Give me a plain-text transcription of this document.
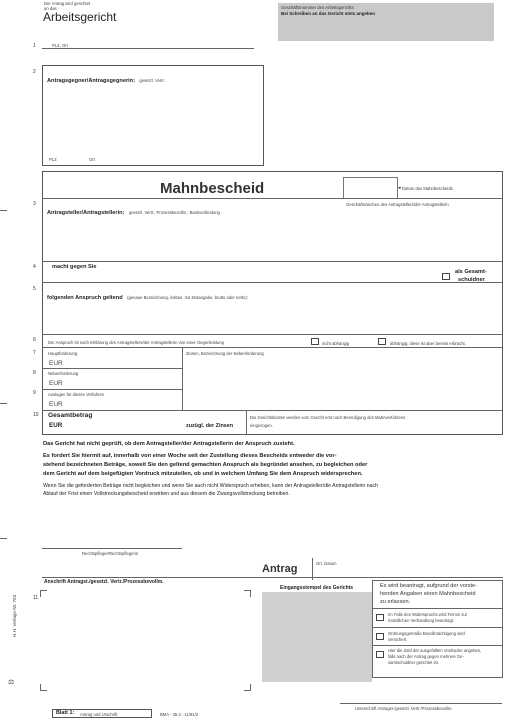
Der Antrag wird gerichtet
an das
Arbeitsgericht
PLZ, Ort
Geschäftsnummer des Arbeitsgerichts
Bei Schreiben an das Gericht stets angeben
1
2
3
4
5
6
7
8
9
10
11
Antragsgegner/Antragsgegnerin; gesetzl. Vertr.
PLZ	Ort
Mahnbescheid	Datum des Mahnbescheids
◂
Antragsteller/Antragstellerin; gesetzl. Vertr.; Prozessbevollm.; Bankverbindung
Geschäftszeichen des Antragstellers/der Antragstellerin
macht gegen Sie
als Gesamt-
schuldner
folgenden Anspruch geltend (genaue Bezeichnung, insbes. mit Zeitangabe, brutto oder netto):
Der Anspruch ist nach Erklärung des Antragstellers/der Antragstellerin von einer Gegenleistung	nicht abhängig	abhängig; diese ist aber bereits erbracht.
Hauptforderung
EUR
Zinsen, Bezeichnung der Nebenforderung
Nebenforderung
EUR
Auslagen für dieses Verfahren
EUR
Gesamtbetrag
EUR	zuzügl. der Zinsen
Die Gerichtskosten werden vom Gericht erst nach Beendigung des Mahnverfahrens
eingezogen.
Das Gericht hat nicht geprüft, ob dem Antragsteller/der Antragstellerin der Anspruch zusteht.
Es fordert Sie hiermit auf, innerhalb von einer Woche seit der Zustellung dieses Bescheids entweder die vor-
stehend bezeichneten Beträge, soweit Sie den geltend gemachten Anspruch als begründet ansehen, zu begleichen oder
dem Gericht auf dem beigefügten Vordruck mitzuteilen, ob und in welchem Umfang Sie dem Anspruch widersprechen.
Wenn Sie die geforderten Beträge nicht begleichen und wenn Sie auch nicht Widerspruch erheben, kann der Antragsteller/die Antragstellerin nach
Ablauf der Frist einen Vollstreckungsbescheid erwirken und aus diesem die Zwangsvollstreckung betreiben.
Rechtspfleger/Rechtspflegerin
Antrag	Ort, Datum
Anschrift Antragst./gesetzl. Vertr./Prozessbevollm.
Eingangsstempel des Gerichts	Es wird beantragt, aufgrund der vorste-
henden Angaben einen Mahnbescheid
zu erlassen.
Im Falle des Widerspruchs wird Termin zur
mündlichen Verhandlung beantragt.
Ordnungsgemäße Bevollmächtigung wird
versichert.
Hier die Zahl der ausgefüllten Vordrucke angeben,
falls nach der Antrag gegen mehrere Ge-
samtschuldner gerichtet ist.
Unterschrift Antragst./gesetzl. Vertr./Prozessbevollm.
H.H. Verlags-Nr. 703
⚖
Blatt 1: Antrag und Urschrift	BMA - 35.3 - 11/91/2
